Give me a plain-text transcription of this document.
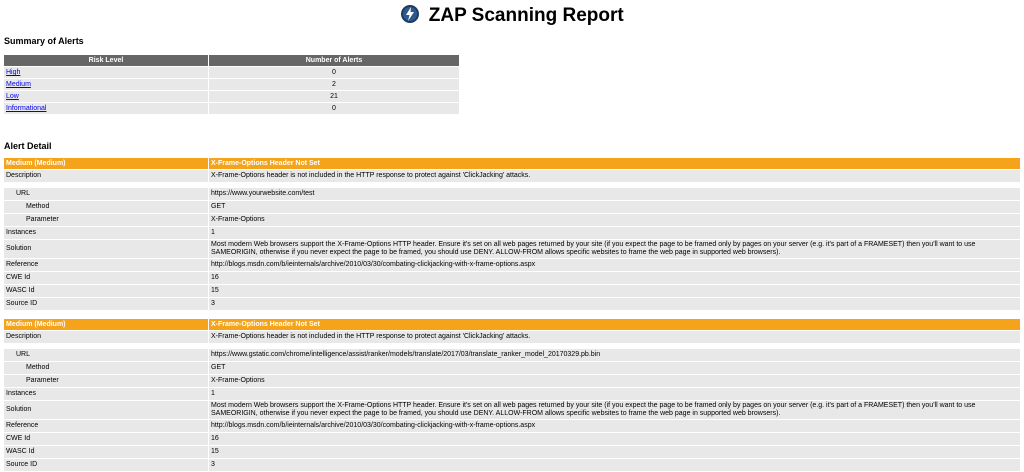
ZAP Scanning Report
Summary of Alerts
Risk Level	Number of Alerts
High	0
Medium	2
Low	21
Informational	0
Alert Detail
Medium (Medium)	X-Frame-Options Header Not Set
Description	X-Frame-Options header is not included in the HTTP response to protect against 'ClickJacking' attacks.

URL	https://www.yourwebsite.com/test
Method	GET
Parameter	X-Frame-Options
Instances	1
Solution	Most modern Web browsers support the X-Frame-Options HTTP header. Ensure it's set on all web pages returned by your site (if you expect the page to be framed only by pages on your server (e.g. it's part of a FRAMESET) then you'll want to use SAMEORIGIN, otherwise if you never expect the page to be framed, you should use DENY. ALLOW-FROM allows specific websites to frame the web page in supported web browsers).
Reference	http://blogs.msdn.com/b/ieinternals/archive/2010/03/30/combating-clickjacking-with-x-frame-options.aspx
CWE Id	16
WASC Id	15
Source ID	3
Medium (Medium)	X-Frame-Options Header Not Set
Description	X-Frame-Options header is not included in the HTTP response to protect against 'ClickJacking' attacks.

URL	https://www.gstatic.com/chrome/intelligence/assist/ranker/models/translate/2017/03/translate_ranker_model_20170329.pb.bin
Method	GET
Parameter	X-Frame-Options
Instances	1
Solution	Most modern Web browsers support the X-Frame-Options HTTP header. Ensure it's set on all web pages returned by your site (if you expect the page to be framed only by pages on your server (e.g. it's part of a FRAMESET) then you'll want to use SAMEORIGIN, otherwise if you never expect the page to be framed, you should use DENY. ALLOW-FROM allows specific websites to frame the web page in supported web browsers).
Reference	http://blogs.msdn.com/b/ieinternals/archive/2010/03/30/combating-clickjacking-with-x-frame-options.aspx
CWE Id	16
WASC Id	15
Source ID	3
